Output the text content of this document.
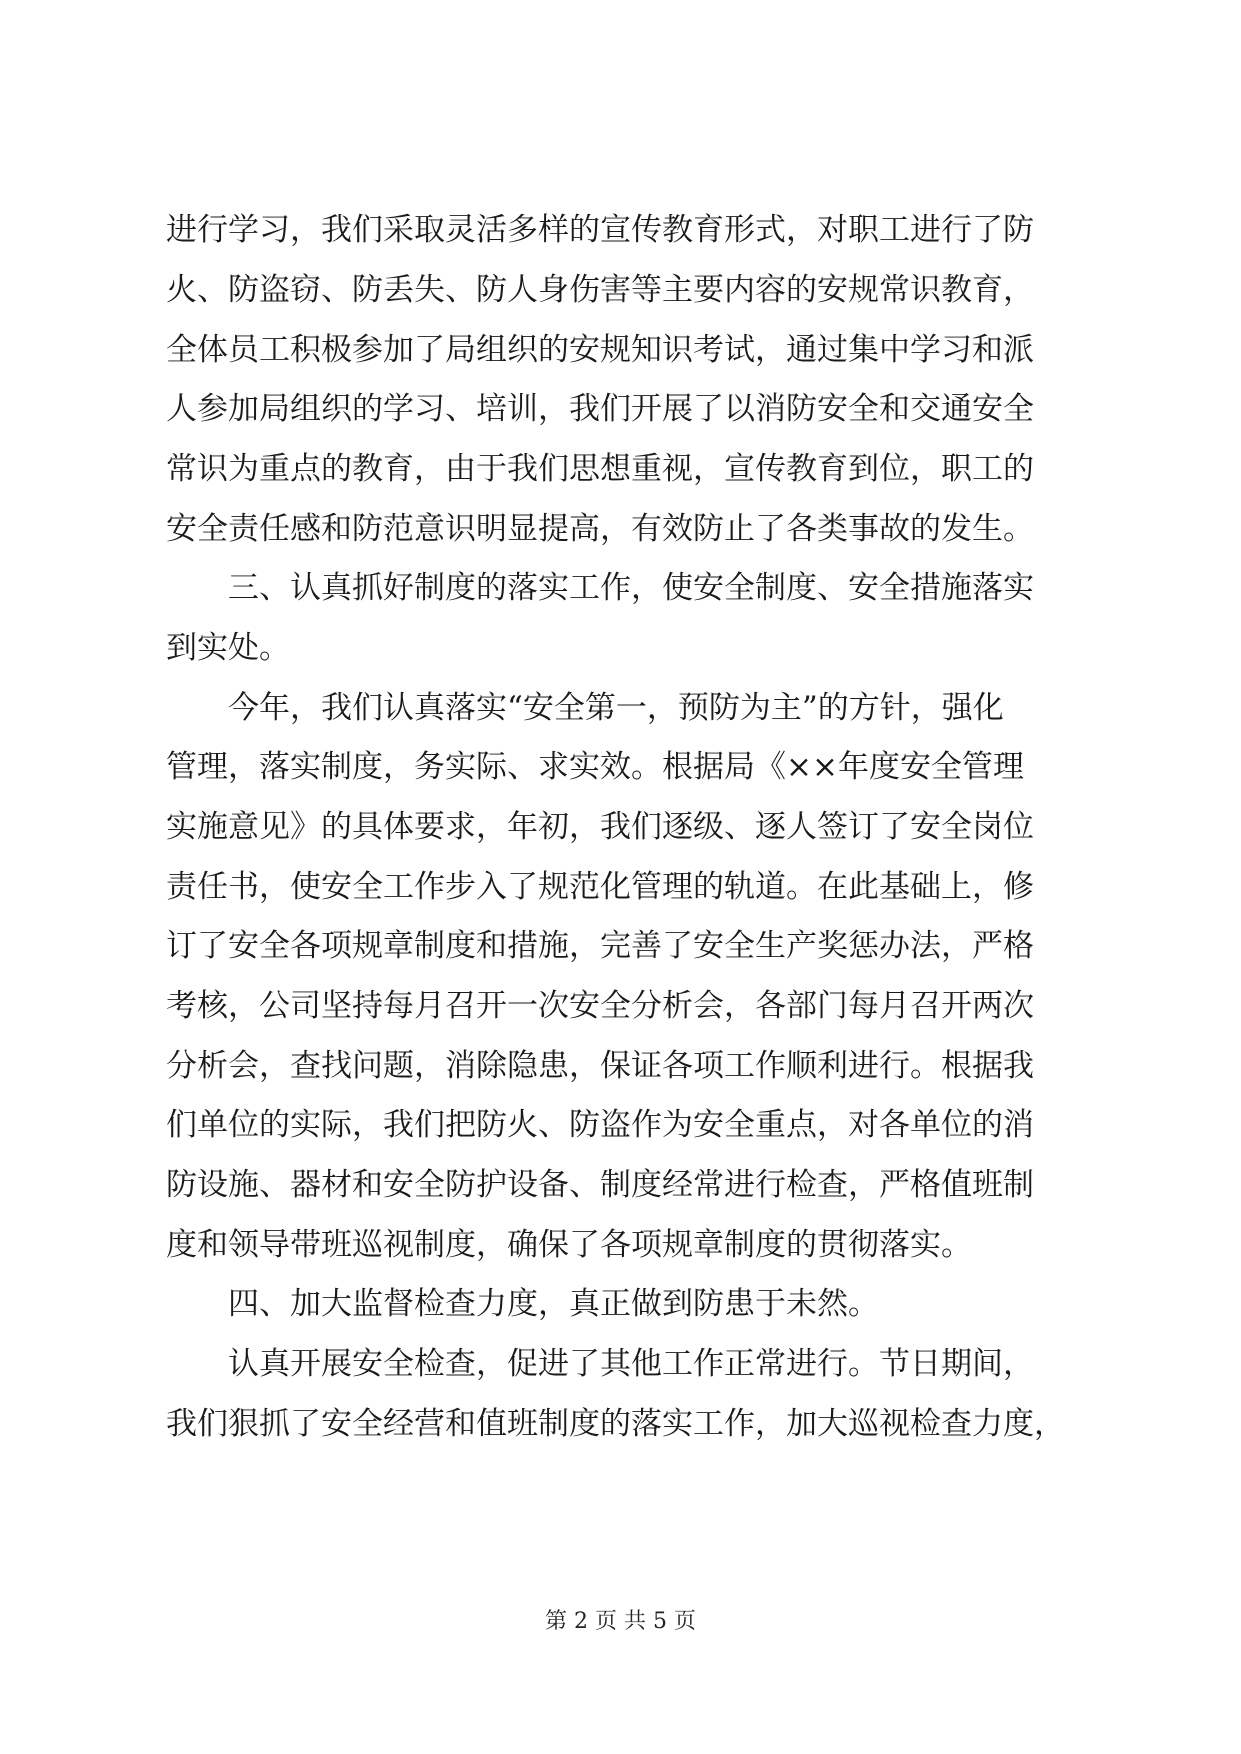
进行学习，我们采取灵活多样的宣传教育形式，对职工进行了防
火、防盗窃、防丢失、防人身伤害等主要内容的安规常识教育，
全体员工积极参加了局组织的安规知识考试，通过集中学习和派
人参加局组织的学习、培训，我们开展了以消防安全和交通安全
常识为重点的教育，由于我们思想重视，宣传教育到位，职工的
安全责任感和防范意识明显提高，有效防止了各类事故的发生。
三、认真抓好制度的落实工作，使安全制度、安全措施落实
到实处。
今年，我们认真落实“安全第一，预防为主”的方针，强化
管理，落实制度，务实际、求实效。根据局《××年度安全管理
实施意见》的具体要求，年初，我们逐级、逐人签订了安全岗位
责任书，使安全工作步入了规范化管理的轨道。在此基础上，修
订了安全各项规章制度和措施，完善了安全生产奖惩办法，严格
考核，公司坚持每月召开一次安全分析会，各部门每月召开两次
分析会，查找问题，消除隐患，保证各项工作顺利进行。根据我
们单位的实际，我们把防火、防盗作为安全重点，对各单位的消
防设施、器材和安全防护设备、制度经常进行检查，严格值班制
度和领导带班巡视制度，确保了各项规章制度的贯彻落实。
四、加大监督检查力度，真正做到防患于未然。
认真开展安全检查，促进了其他工作正常进行。节日期间，
我们狠抓了安全经营和值班制度的落实工作，加大巡视检查力度，
第 2 页 共 5 页
